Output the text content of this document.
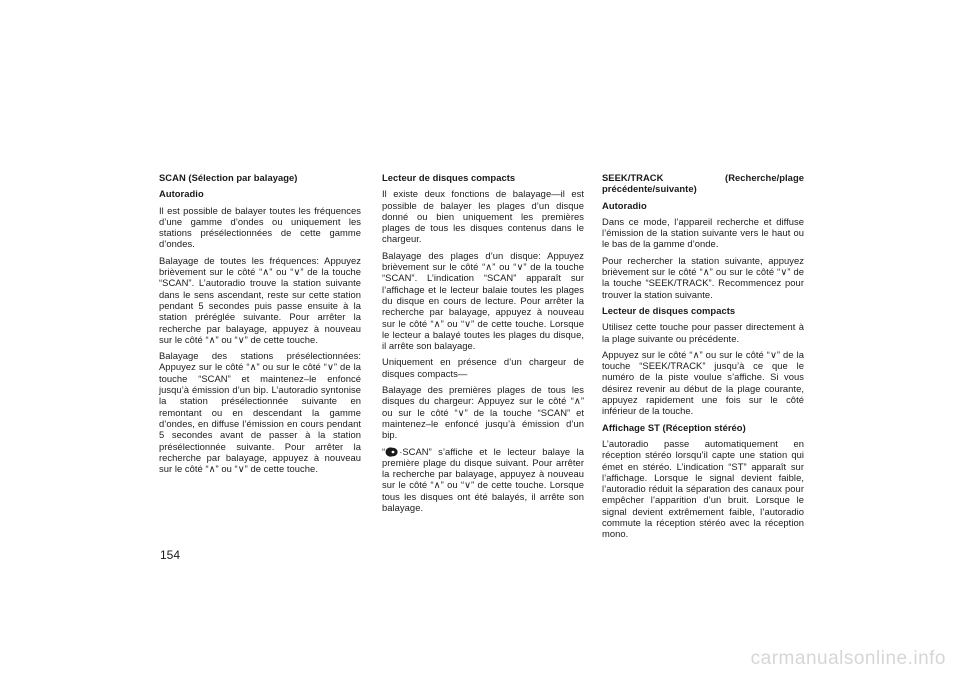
SCAN (Sélection par balayage)
Autoradio

Il est possible de balayer toutes les fréquences d’une gamme d’ondes ou uniquement les stations présélectionnées de cette gamme d’ondes.

Balayage de toutes les fréquences: Appuyez brièvement sur le côté “∧” ou “∨” de la touche “SCAN”. L’autoradio trouve la station suivante dans le sens ascendant, reste sur cette station pendant 5 secondes puis passe ensuite à la station préréglée suivante. Pour arrêter la recherche par balayage, appuyez à nouveau sur le côté “∧” ou “∨” de cette touche.

Balayage des stations présélectionnées: Appuyez sur le côté “∧” ou sur le côté “∨” de la touche “SCAN” et maintenez–le enfoncé jusqu’à émission d’un bip. L’autoradio syntonise la station présélectionnée suivante en remontant ou en descendant la gamme d’ondes, en diffuse l’émission en cours pendant 5 secondes avant de passer à la station présélectionnée suivante. Pour arrêter la recherche par balayage, appuyez à nouveau sur le côté “∧” ou “∨” de cette touche.

Lecteur de disques compacts

Il existe deux fonctions de balayage—il est possible de balayer les plages d’un disque donné ou bien uniquement les premières plages de tous les disques contenus dans le chargeur.

Balayage des plages d’un disque: Appuyez brièvement sur le côté “∧” ou “∨” de la touche “SCAN”. L’indication “SCAN” apparaît sur l’affichage et le lecteur balaie toutes les plages du disque en cours de lecture. Pour arrêter la recherche par balayage, appuyez à nouveau sur le côté “∧” ou “∨” de cette touche. Lorsque le lecteur a balayé toutes les plages du disque, il arrête son balayage.

Uniquement en présence d’un chargeur de disques compacts—

Balayage des premières plages de tous les disques du chargeur: Appuyez sur le côté “∧” ou sur le côté “∨” de la touche “SCAN” et maintenez–le enfoncé jusqu’à émission d’un bip.

“ ·SCAN” s’affiche et le lecteur balaye la première plage du disque suivant. Pour arrêter la recherche par balayage, appuyez à nouveau sur le côté “∧” ou “∨” de cette touche. Lorsque tous les disques ont été balayés, il arrête son balayage.

SEEK/TRACK	(Recherche/plage
précédente/suivante)
Autoradio

Dans ce mode, l’appareil recherche et diffuse l’émission de la station suivante vers le haut ou le bas de la gamme d’onde.

Pour rechercher la station suivante, appuyez brièvement sur le côté “∧” ou sur le côté “∨” de la touche “SEEK/TRACK”. Recommencez pour trouver la station suivante.

Lecteur de disques compacts

Utilisez cette touche pour passer directement à la plage suivante ou précédente.

Appuyez sur le côté “∧” ou sur le côté “∨” de la touche “SEEK/TRACK” jusqu’à ce que le numéro de la piste voulue s’affiche. Si vous désirez revenir au début de la plage courante, appuyez rapidement une fois sur le côté inférieur de la touche.

Affichage ST (Réception stéréo)

L’autoradio passe automatiquement en réception stéréo lorsqu’il capte une station qui émet en stéréo. L’indication “ST” apparaît sur l’affichage. Lorsque le signal devient faible, l’autoradio réduit la séparation des canaux pour empêcher l’apparition d’un bruit. Lorsque le signal devient extrêmement faible, l’autoradio commute la réception stéréo avec la réception mono.

154
carmanualsonline.info
